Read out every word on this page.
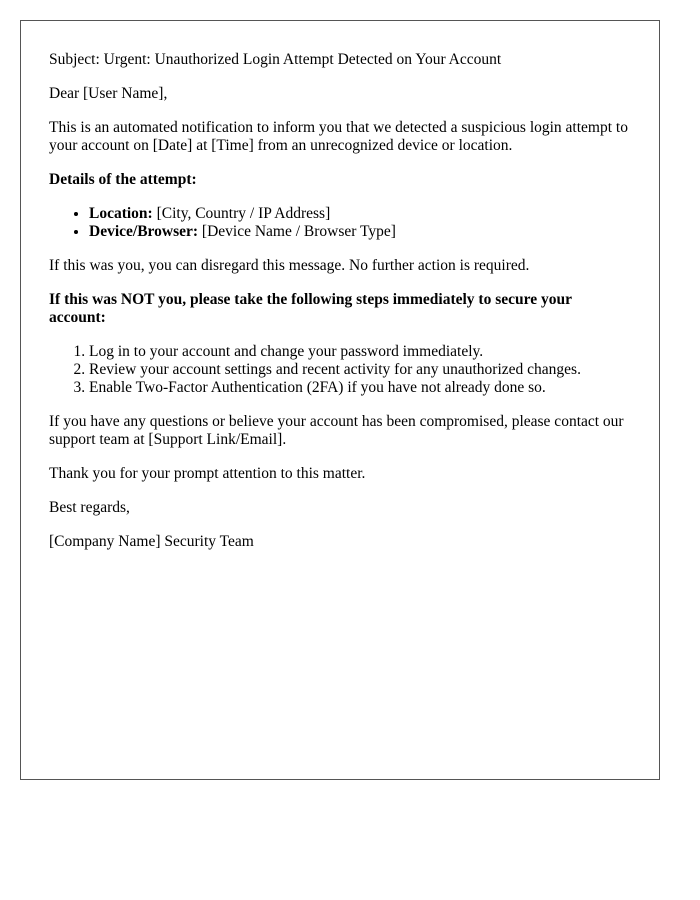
Subject: Urgent: Unauthorized Login Attempt Detected on Your Account

Dear [User Name],

This is an automated notification to inform you that we detected a suspicious login attempt to your account on [Date] at [Time] from an unrecognized device or location.

Details of the attempt:

• Location: [City, Country / IP Address]
• Device/Browser: [Device Name / Browser Type]

If this was you, you can disregard this message. No further action is required.

If this was NOT you, please take the following steps immediately to secure your account:

1. Log in to your account and change your password immediately.
2. Review your account settings and recent activity for any unauthorized changes.
3. Enable Two-Factor Authentication (2FA) if you have not already done so.

If you have any questions or believe your account has been compromised, please contact our support team at [Support Link/Email].

Thank you for your prompt attention to this matter.

Best regards,

[Company Name] Security Team
